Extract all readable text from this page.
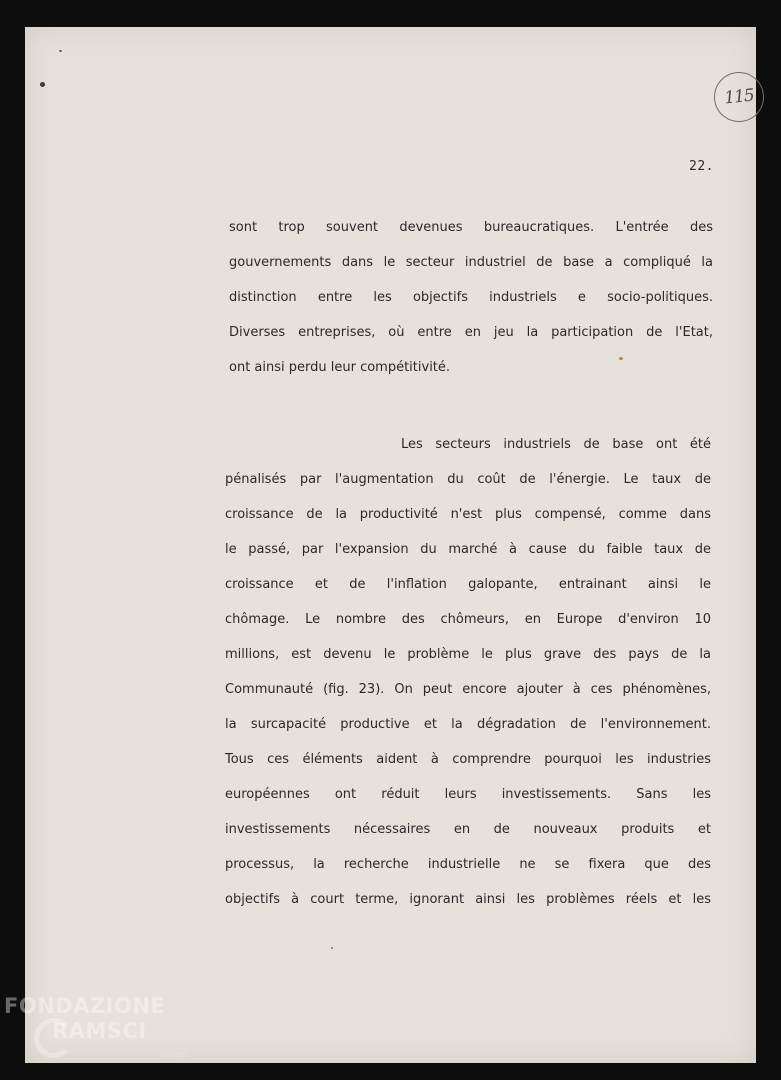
115
22.
sont trop souvent devenues bureaucratiques. L'entrée des
gouvernements dans le secteur industriel de base a compliqué la
distinction entre les objectifs industriels e socio-politiques.
Diverses entreprises, où entre en jeu la participation de l'Etat,
ont ainsi perdu leur compétitivité.
Les secteurs industriels de base ont été
pénalisés par l'augmentation du coût de l'énergie. Le taux de
croissance de la productivité n'est plus compensé, comme dans
le passé, par l'expansion du marché à cause du faible taux de
croissance et de l'inflation galopante, entrainant ainsi le
chômage. Le nombre des chômeurs, en Europe d'environ 10
millions, est devenu le problème le plus grave des pays de la
Communauté (fig. 23). On peut encore ajouter à ces phénomènes,
la surcapacité productive et la dégradation de l'environnement.
Tous ces éléments aident à comprendre pourquoi les industries
européennes ont réduit leurs investissements. Sans les
investissements nécessaires en de nouveaux produits et
processus, la recherche industrielle ne se fixera que des
objectifs à court terme, ignorant ainsi les problèmes réels et les
FONDAZIONE
RAMSCI
onlus
